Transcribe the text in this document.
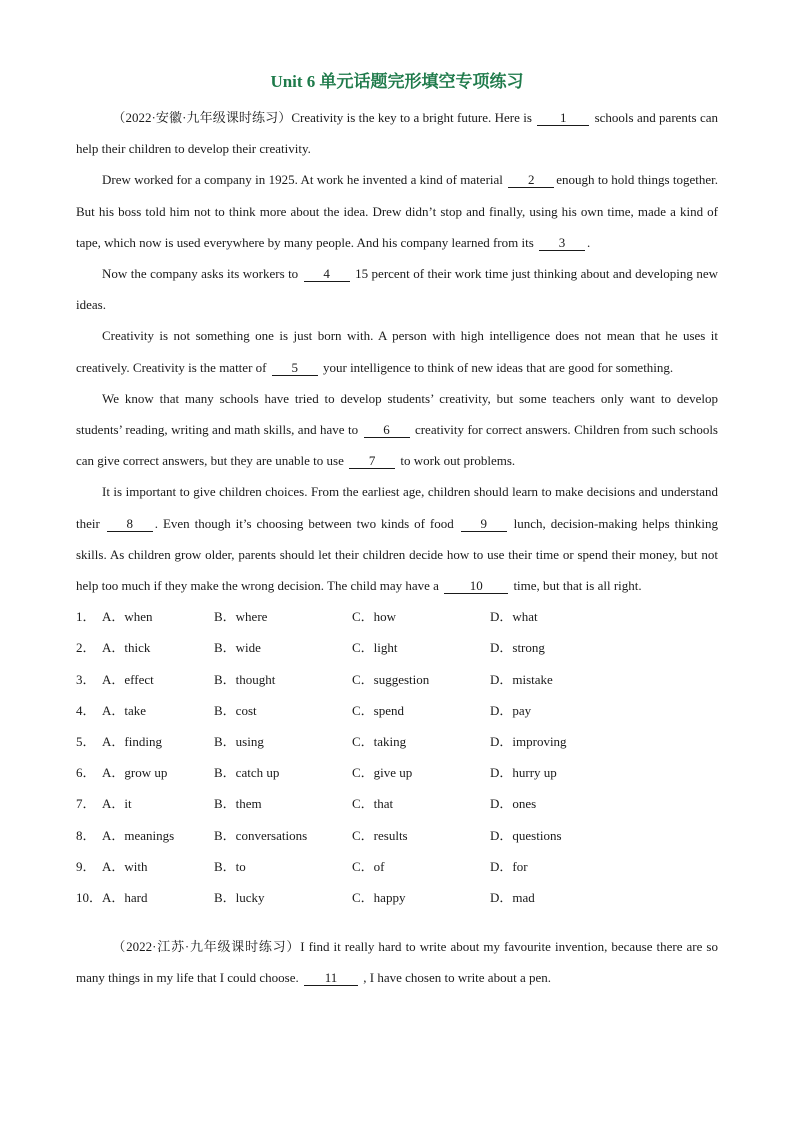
Unit 6 单元话题完形填空专项练习

（2022·安徽·九年级课时练习）Creativity is the key to a bright future. Here is 1 schools and parents can help their children to develop their creativity.

Drew worked for a company in 1925. At work he invented a kind of material 2 enough to hold things together. But his boss told him not to think more about the idea. Drew didn’t stop and finally, using his own time, made a kind of tape, which now is used everywhere by many people. And his company learned from its 3 .

Now the company asks its workers to 4 15 percent of their work time just thinking about and developing new ideas.

Creativity is not something one is just born with. A person with high intelligence does not mean that he uses it creatively. Creativity is the matter of 5 your intelligence to think of new ideas that are good for something.

We know that many schools have tried to develop students’ creativity, but some teachers only want to develop students’ reading, writing and math skills, and have to 6 creativity for correct answers. Children from such schools can give correct answers, but they are unable to use 7 to work out problems.

It is important to give children choices. From the earliest age, children should learn to make decisions and understand their 8 . Even though it’s choosing between two kinds of food 9 lunch, decision-making helps thinking skills. As children grow older, parents should let their children decide how to use their time or spend their money, but not help too much if they make the wrong decision. The child may have a 10 time, but that is all right.

1． A．when	B．where	C．how	D．what
2． A．thick	B．wide	C．light	D．strong
3． A．effect	B．thought	C．suggestion	D．mistake
4． A．take	B．cost	C．spend	D．pay
5． A．finding	B．using	C．taking	D．improving
6． A．grow up	B．catch up	C．give up	D．hurry up
7． A．it	B．them	C．that	D．ones
8． A．meanings	B．conversations	C．results	D．questions
9． A．with	B．to	C．of	D．for
10． A．hard	B．lucky	C．happy	D．mad

（2022·江苏·九年级课时练习）I find it really hard to write about my favourite invention, because there are so many things in my life that I could choose. 11 , I have chosen to write about a pen.
